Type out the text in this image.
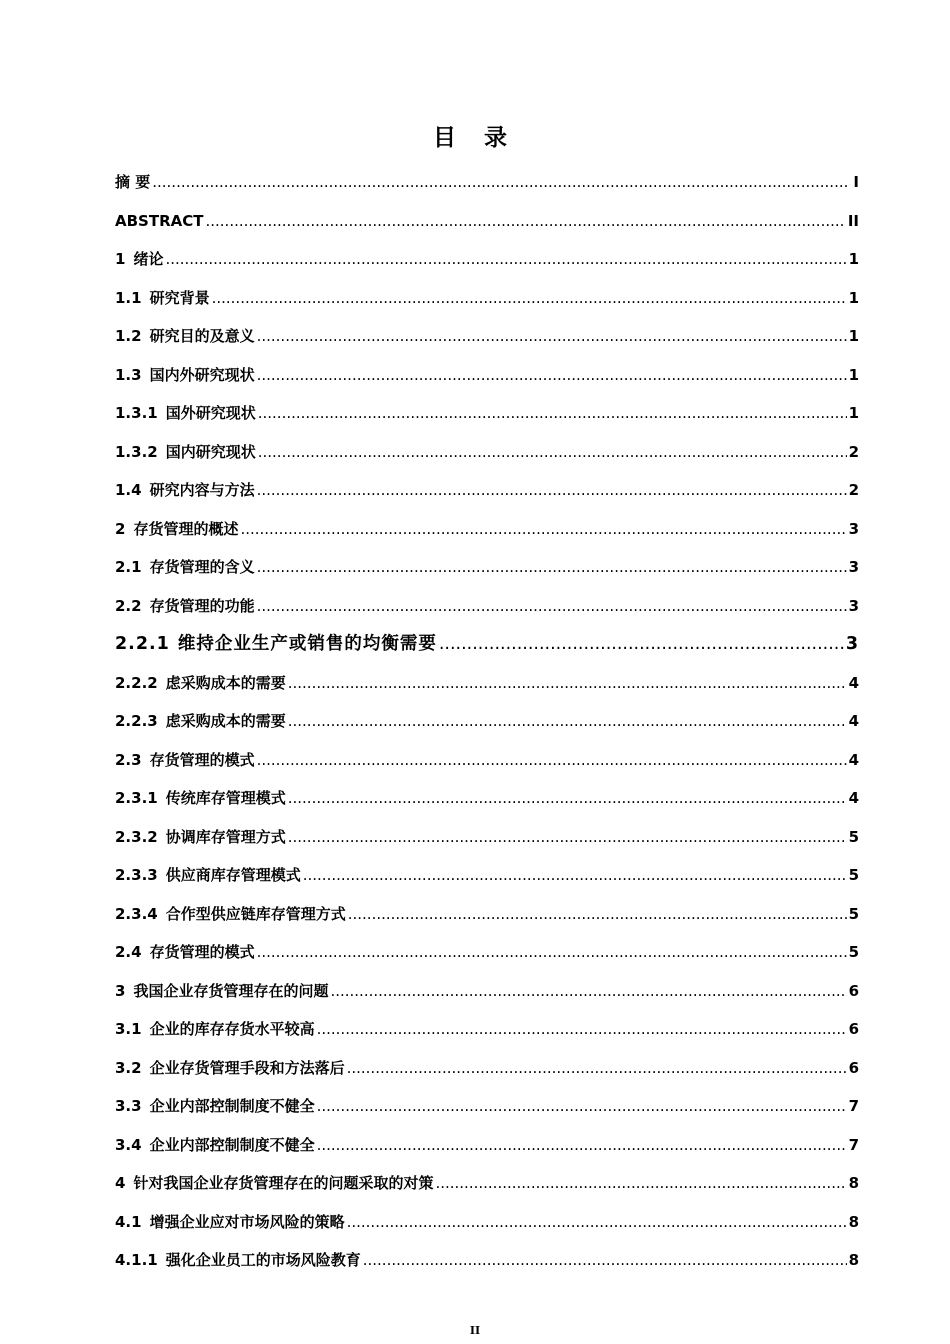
目 录
摘 要 .....	I
ABSTRACT .....	II
1 绪论 .....	1
1.1 研究背景 .....	1
1.2 研究目的及意义 .....	1
1.3 国内外研究现状 .....	1
1.3.1 国外研究现状 .....	1
1.3.2 国内研究现状 .....	2
1.4 研究内容与方法 .....	2
2 存货管理的概述 .....	3
2.1 存货管理的含义 .....	3
2.2 存货管理的功能 .....	3
2.2.1 维持企业生产或销售的均衡需要 .....	3
2.2.2 虑采购成本的需要 .....	4
2.2.3 虑采购成本的需要 .....	4
2.3 存货管理的模式 .....	4
2.3.1 传统库存管理模式 .....	4
2.3.2 协调库存管理方式 .....	5
2.3.3 供应商库存管理模式 .....	5
2.3.4 合作型供应链库存管理方式 .....	5
2.4 存货管理的模式 .....	5
3 我国企业存货管理存在的问题 .....	6
3.1 企业的库存存货水平较高 .....	6
3.2 企业存货管理手段和方法落后 .....	6
3.3 企业内部控制制度不健全 .....	7
3.4 企业内部控制制度不健全 .....	7
4 针对我国企业存货管理存在的问题采取的对策 .....	8
4.1 增强企业应对市场风险的策略 .....	8
4.1.1 强化企业员工的市场风险教育 .....	8
II
